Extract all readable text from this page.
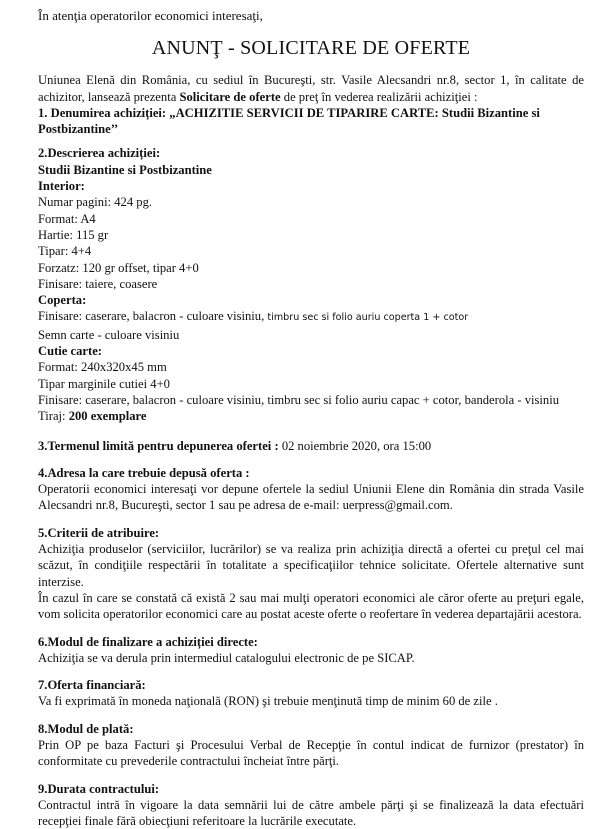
În atenţia operatorilor economici interesaţi,

ANUNŢ - SOLICITARE DE OFERTE

Uniunea Elenă din România, cu sediul în Bucureşti, str. Vasile Alecsandri nr.8, sector 1, în calitate de achizitor, lansează prezenta Solicitare de oferte de preţ în vederea realizării achiziţiei :

1. Denumirea achiziției: „ACHIZITIE SERVICII DE TIPARIRE CARTE: Studii Bizantine si Postbizantine’’

2.Descrierea achiziției:

Studii Bizantine si Postbizantine

Interior:

Numar pagini: 424 pg.
Format: A4
Hartie: 115 gr
Tipar: 4+4
Forzatz: 120 gr offset, tipar 4+0
Finisare: taiere, coasere

Coperta:

Finisare: caserare, balacron - culoare visiniu, timbru sec si folio auriu coperta 1 + cotor

Semn carte - culoare visiniu

Cutie carte:

Format: 240x320x45 mm
Tipar marginile cutiei 4+0
Finisare: caserare, balacron - culoare visiniu, timbru sec si folio auriu capac + cotor, banderola - visiniu

Tiraj: 200 exemplare

3.Termenul limită pentru depunerea ofertei : 02 noiembrie 2020, ora 15:00

4.Adresa la care trebuie depusă oferta :

Operatorii economici interesaţi vor depune ofertele la sediul Uniunii Elene din România din strada Vasile Alecsandri nr.8, Bucureşti, sector 1 sau pe adresa de e-mail: uerpress@gmail.com.

5.Criterii de atribuire:

Achiziţia produselor (serviciilor, lucrărilor) se va realiza prin achiziţia directă a ofertei cu preţul cel mai scăzut, în condiţiile respectării în totalitate a specificaţiilor tehnice solicitate. Ofertele alternative sunt interzise.

În cazul în care se constată că există 2 sau mai mulţi operatori economici ale căror oferte au preţuri egale, vom solicita operatorilor economici care au postat aceste oferte o reofertare în vederea departajării acestora.

6.Modul de finalizare a achiziției directe:

Achiziţia se va derula prin intermediul catalogului electronic de pe SICAP.

7.Oferta financiară:

Va fi exprimată în moneda naţională (RON) şi trebuie menţinută timp de minim 60 de zile .

8.Modul de plată:

Prin OP pe baza Facturi şi Procesului Verbal de Recepţie în contul indicat de furnizor (prestator) în conformitate cu prevederile contractului încheiat între părţi.

9.Durata contractului:

Contractul intră în vigoare la data semnării lui de către ambele părţi şi se finalizează la data efectuări recepţiei finale fără obiecţiuni referitoare la lucrările executate.
